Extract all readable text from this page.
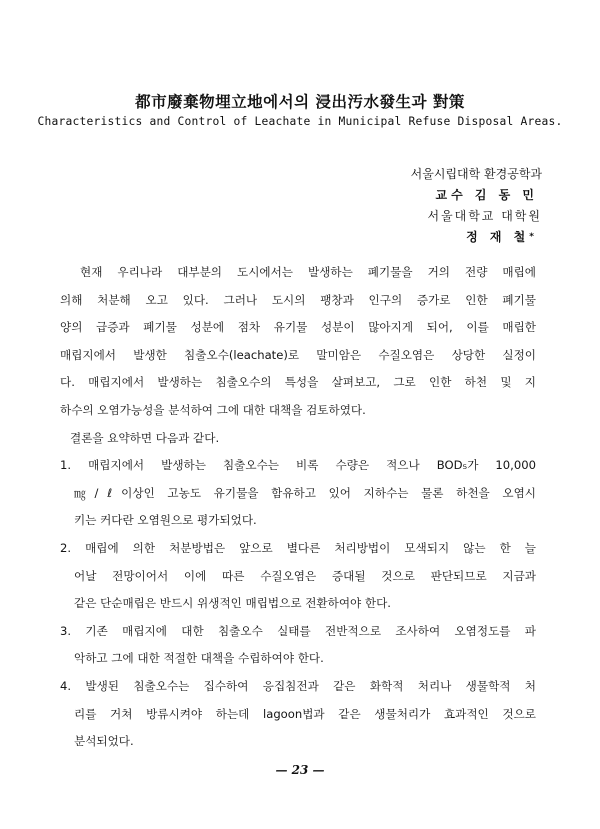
都市廢棄物埋立地에서의 浸出汚水發生과 對策

Characteristics and Control of Leachate in Municipal Refuse Disposal Areas.

서울시립대학 환경공학과
교수 김 동 민
서울대학교 대학원
정 재 철*
현재 우리나라 대부분의 도시에서는 발생하는 폐기물을 거의 전량 매립에
의해 처분해 오고 있다. 그러나 도시의 팽창과 인구의 증가로 인한 폐기물
양의 급증과 폐기물 성분에 점차 유기물 성분이 많아지게 되어, 이를 매립한
매립지에서 발생한 침출오수(leachate)로 말미암은 수질오염은 상당한 실정이
다. 매립지에서 발생하는 침출오수의 특성을 살펴보고, 그로 인한 하천 및 지
하수의 오염가능성을 분석하여 그에 대한 대책을 검토하였다.
결론을 요약하면 다음과 같다.
1. 매립지에서 발생하는 침출오수는 비록 수량은 적으나 BOD₅가 10,000
㎎/ℓ이상인 고농도 유기물을 함유하고 있어 지하수는 물론 하천을 오염시
키는 커다란 오염원으로 평가되었다.
2. 매립에 의한 처분방법은 앞으로 별다른 처리방법이 모색되지 않는 한 늘
어날 전망이어서 이에 따른 수질오염은 증대될 것으로 판단되므로 지금과
같은 단순매립은 반드시 위생적인 매립법으로 전환하여야 한다.
3. 기존 매립지에 대한 침출오수 실태를 전반적으로 조사하여 오염정도를 파
악하고 그에 대한 적절한 대책을 수립하여야 한다.
4. 발생된 침출오수는 집수하여 응집침전과 같은 화학적 처리나 생물학적 처
리를 거쳐 방류시켜야 하는데 lagoon법과 같은 생물처리가 효과적인 것으로
분석되었다.
— 23 —
